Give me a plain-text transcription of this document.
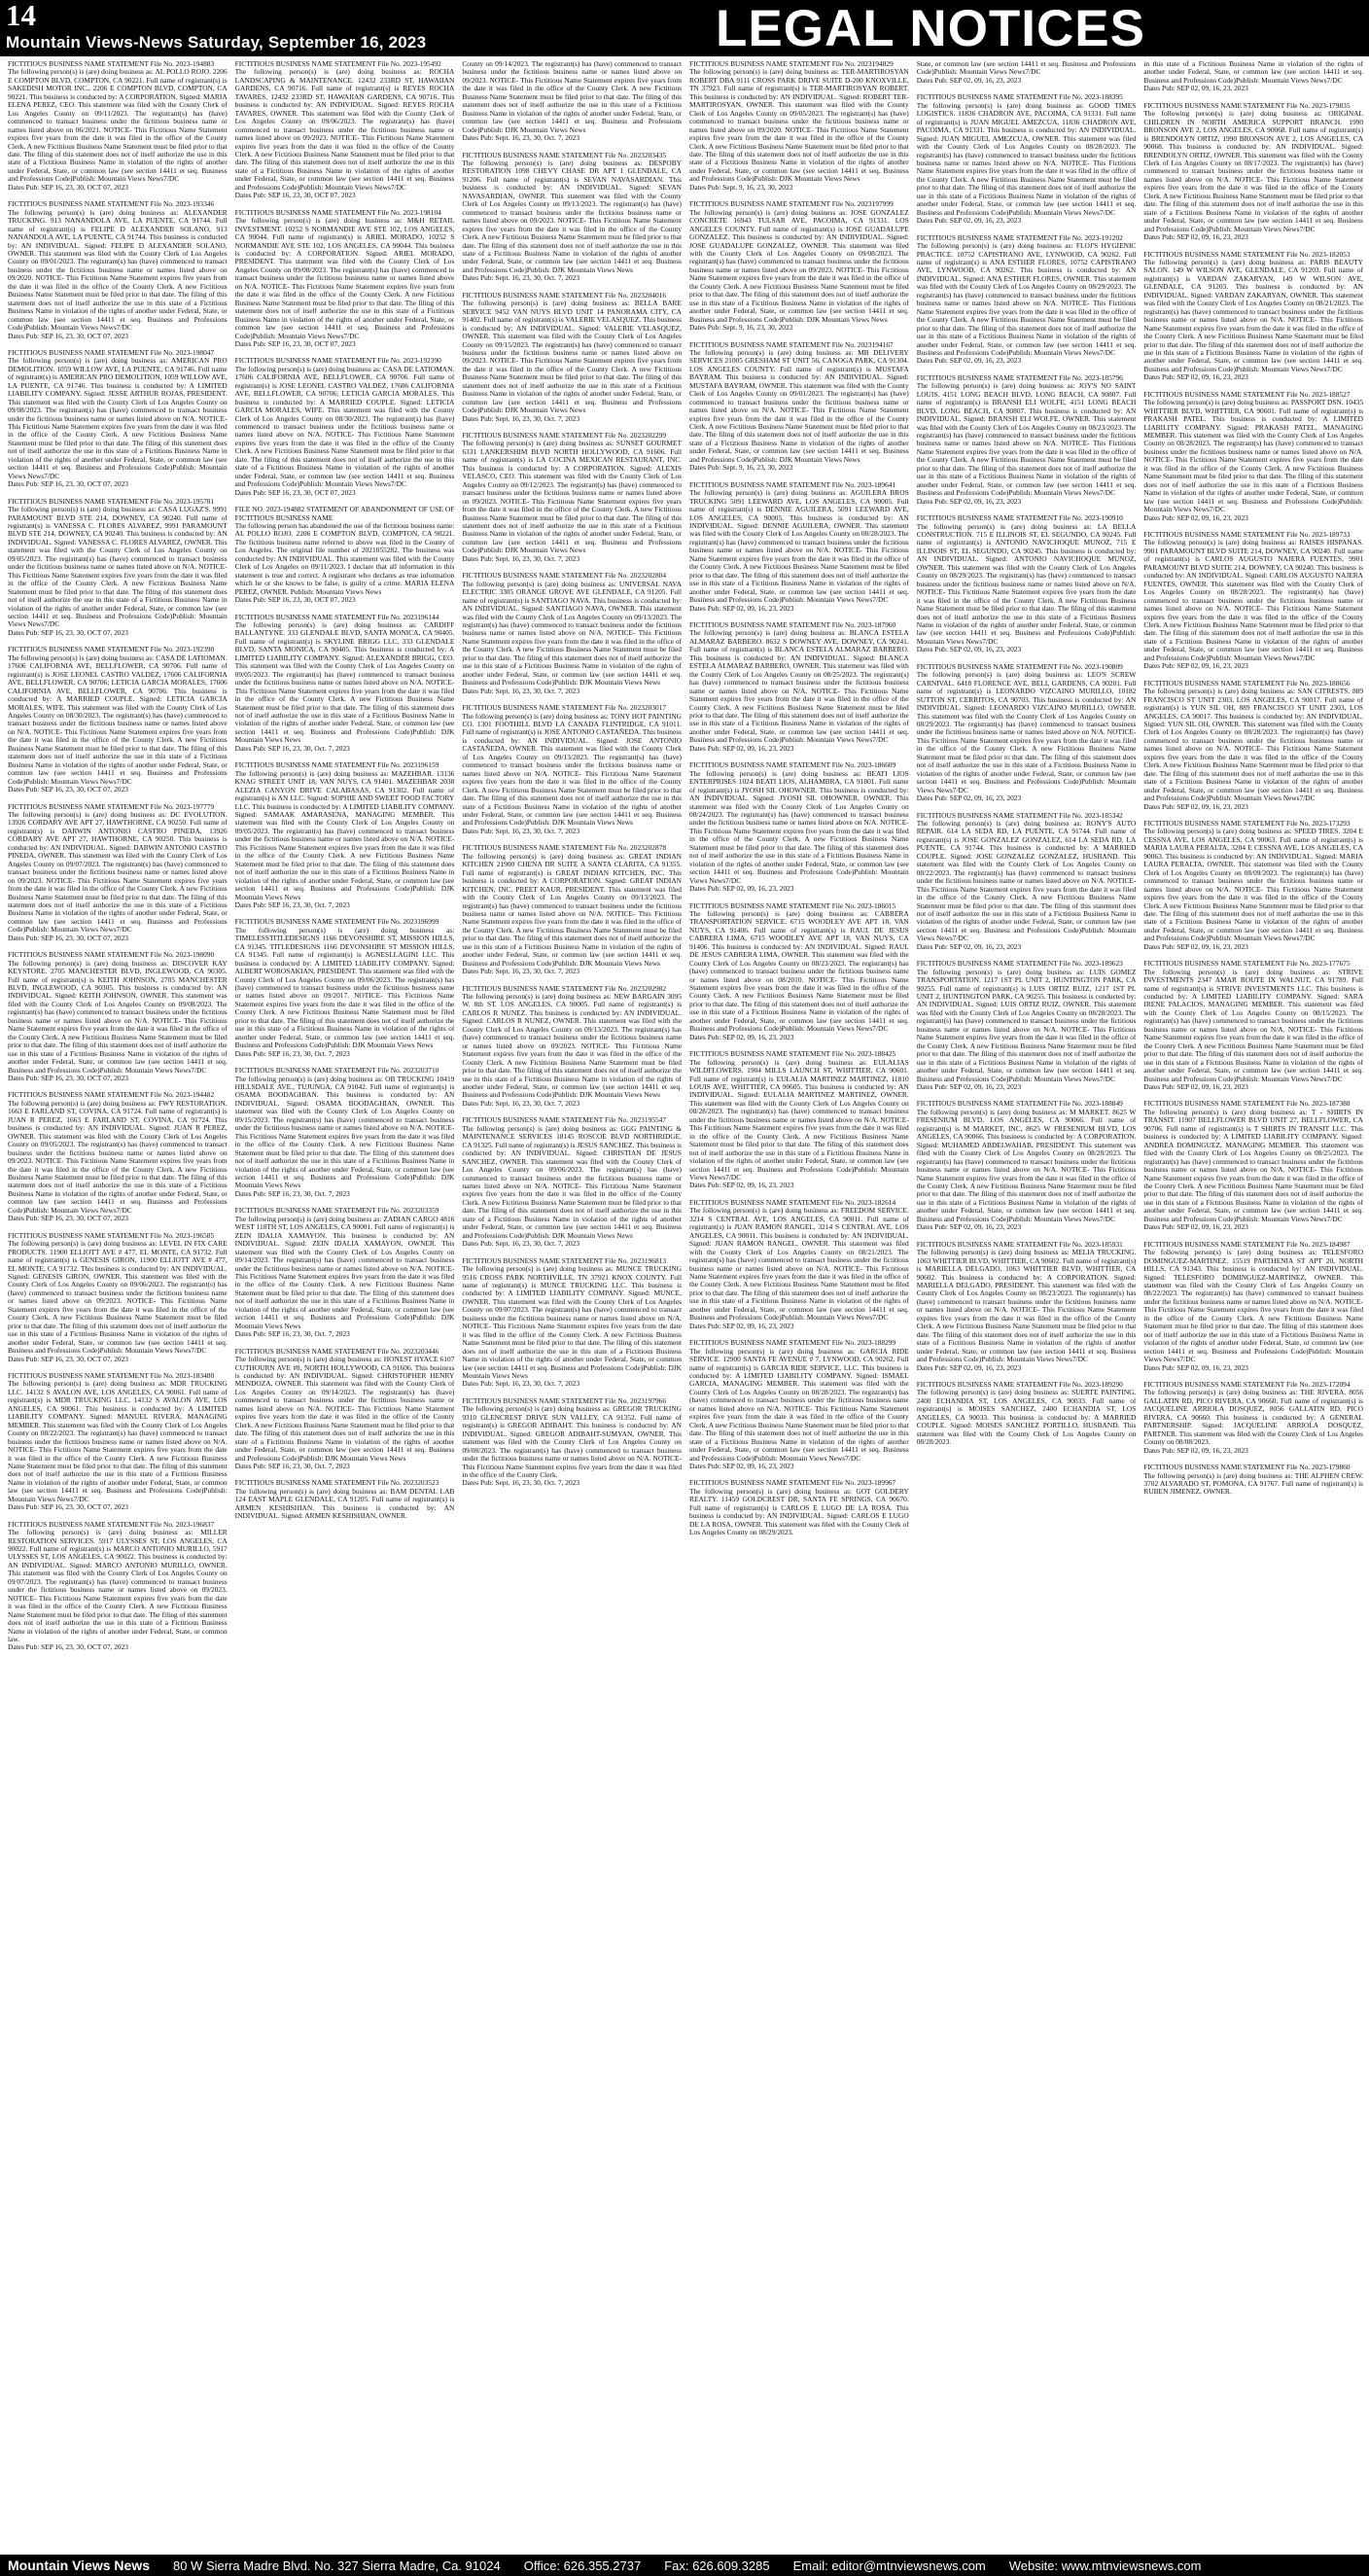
14
Mountain Views-News Saturday, September 16, 2023	LEGAL NOTICES
FICTITIOUS BUSINESS NAME STATEMENT File No. 2023-194883
The following person(s) is (are) doing business as: AL POLLO ROJO. 2206 E COMPTON BLVD, COMPTON, CA 90221. Full name of registrant(s) is SAKEDISH MOTOR INC., 2206 E COMPTON BLVD, COMPTON, CA 90221. This business is conducted by: A CORPORATION. Signed: MARIA ELENA PEREZ, CEO. This statement was filed with the County Clerk of Los Angeles County on 09/11/2023. The registrant(s) has (have) commenced to transact business under the fictitious business name or names listed above on 06/2021. NOTICE- This Fictitious Name Statement expires five years from the date it was filed in the office of the County Clerk. A new Fictitious Business Name Statement must be filed prior to that date. The filing of this statement does not of itself authorize the use in this state of a Fictitious Business Name in violation of the rights of another under Federal, State, or common law (see section 14411 et seq. Business and Professions Code)Publish: Mountain Views News7/DC
Dates Pub: SEP 16, 23, 30, OCT 07, 2023
FICTITIOUS BUSINESS NAME STATEMENT File No. 2023-193346
The following person(s) is (are) doing business as: ALEXANDER TRUCKING. 913 NANANDOLA AVE, LA PUENTE, CA 91744. Full name of registrant(s) is FELIPE D ALEXANDER SOLANO, 913 NANANDOLA AVE, LA PUENTE, CA 91744. This business is conducted by: AN INDIVIDUAL. Signed: FELIPE D ALEXANDER SOLANO, OWNER. This statement was filed with the County Clerk of Los Angeles County on 09/01/2023. The registrant(s) has (have) commenced to transact business under the fictitious business name or names listed above on 09/2020. NOTICE- This Fictitious Name Statement expires five years from the date it was filed in the office of the County Clerk. A new Fictitious Business Name Statement must be filed prior to that date. The filing of this statement does not of itself authorize the use in this state of a Fictitious Business Name in violation of the rights of another under Federal, State, or common law (see section 14411 et seq. Business and Professions Code)Publish: Mountain Views News7/DC
Dates Pub: SEP 16, 23, 30, OCT 07, 2023
FICTITIOUS BUSINESS NAME STATEMENT File No. 2023-198047
The following person(s) is (are) doing business as: AMERICAN PRO DEMOLITION. 1059 WILLOW AVE, LA PUENTE, CA 91746. Full name of registrant(s) is AMERICAN PRO DEMOLITION, 1059 WILLOW AVE, LA PUENTE, CA 91746. This business is conducted by: A LIMITED LIABILITY COMPANY. Signed: JESSE ARTHUR ROJAS, PRESIDENT. This statement was filed with the County Clerk of Los Angeles County on 09/08/2023. The registrant(s) has (have) commenced to transact business under the fictitious business name or names listed above on N/A. NOTICE- This Fictitious Name Statement expires five years from the date it was filed in the office of the County Clerk. A new Fictitious Business Name Statement must be filed prior to that date. The filing of this statement does not of itself authorize the use in this state of a Fictitious Business Name in violation of the rights of another under Federal, State, or common law (see section 14411 et seq. Business and Professions Code)Publish: Mountain Views News7/DC
Dates Pub: SEP 16, 23, 30, OCT 07, 2023
FICTITIOUS BUSINESS NAME STATEMENT File No. 2023-195781
The following person(s) is (are) doing business as: CASA LUGAZ'S. 9991 PARAMOUNT BLVD STE 214, DOWNEY, CA 90240. Full name of registrant(s) is VANESSA C. FLORES ALVAREZ, 9991 PARAMOUNT BLVD STE 214, DOWNEY, CA 90240. This business is conducted by: AN INDIVIDUAL. Signed: VANESSA C. FLORES ALVAREZ, OWNER. This statement was filed with the County Clerk of Los Angeles County on 09/05/2023. The registrant(s) has (have) commenced to transact business under the fictitious business name or names listed above on N/A. NOTICE- This Fictitious Name Statement expires five years from the date it was filed in the office of the County Clerk. A new Fictitious Business Name Statement must be filed prior to that date. The filing of this statement does not of itself authorize the use in this state of a Fictitious Business Name in violation of the rights of another under Federal, State, or common law (see section 14411 et seq. Business and Professions Code)Publish: Mountain Views News7/DC
Dates Pub: SEP 16, 23, 30, OCT 07, 2023
FICTITIOUS BUSINESS NAME STATEMENT File No. 2023-192390
The following person(s) is (are) doing business as: CASA DE LATIOMAN. 17606 CALIFORNIA AVE, BELLFLOWER, CA 90706. Full name of registrant(s) is JOSE LEONEL CASTRO VALDEZ, 17606 CALIFORNIA AVE, BELLFLOWER, CA 90706; LETICIA GARCIA MORALES, 17606 CALIFORNIA AVE, BELLFLOWER, CA 90706. This business is conducted by: A MARRIED COUPLE. Signed: LETICIA GARCIA MORALES, WIFE. This statement was filed with the County Clerk of Los Angeles County on 08/30/2023. The registrant(s) has (have) commenced to transact business under the fictitious business name or names listed above on N/A. NOTICE- This Fictitious Name Statement expires five years from the date it was filed in the office of the County Clerk. A new Fictitious Business Name Statement must be filed prior to that date. The filing of this statement does not of itself authorize the use in this state of a Fictitious Business Name in violation of the rights of another under Federal, State, or common law (see section 14411 et seq. Business and Professions Code)Publish: Mountain Views News7/DC
Dates Pub: SEP 16, 23, 30, OCT 07, 2023
FICTITIOUS BUSINESS NAME STATEMENT File No. 2023-197779
The following person(s) is (are) doing business as: DC EVOLUTION. 13926 CORDARY AVE APT 27, HAWTHORNE, CA 90250. Full name of registrant(s) is DARWIN ANTONIO CASTRO PINEDA, 13926 CORDARY AVE APT 27, HAWTHORNE, CA 90250. This business is conducted by: AN INDIVIDUAL. Signed: DARWIN ANTONIO CASTRO PINEDA, OWNER. This statement was filed with the County Clerk of Los Angeles County on 09/07/2023. The registrant(s) has (have) commenced to transact business under the fictitious business name or names listed above on 09/2023. NOTICE- This Fictitious Name Statement expires five years from the date it was filed in the office of the County Clerk. A new Fictitious Business Name Statement must be filed prior to that date. The filing of this statement does not of itself authorize the use in this state of a Fictitious Business Name in violation of the rights of another under Federal, State, or common law (see section 14411 et seq. Business and Professions Code)Publish: Mountain Views News7/DC
Dates Pub: SEP 16, 23, 30, OCT 07, 2023
FICTITIOUS BUSINESS NAME STATEMENT File No. 2023-198090
The following person(s) is (are) doing business as: DISCOVER KAY KEYSTORE. 2705 MANCHESTER BLVD, INGLEWOOD, CA 90305. Full name of registrant(s) is KEITH JOHNSON, 2705 MANCHESTER BLVD, INGLEWOOD, CA 90305. This business is conducted by: AN INDIVIDUAL. Signed: KEITH JOHNSON, OWNER. This statement was filed with the County Clerk of Los Angeles County on 09/08/2023. The registrant(s) has (have) commenced to transact business under the fictitious business name or names listed above on N/A. NOTICE- This Fictitious Name Statement expires five years from the date it was filed in the office of the County Clerk. A new Fictitious Business Name Statement must be filed prior to that date. The filing of this statement does not of itself authorize the use in this state of a Fictitious Business Name in violation of the rights of another under Federal, State, or common law (see section 14411 et seq. Business and Professions Code)Publish: Mountain Views News7/DC
Dates Pub: SEP 16, 23, 30, OCT 07, 2023
FICTITIOUS BUSINESS NAME STATEMENT File No. 2023-194482
The following person(s) is (are) doing business as: FWY RESTORATION. 1663 E FARLAND ST, COVINA, CA 91724. Full name of registrant(s) is JUAN R PEREZ, 1663 E FARLAND ST, COVINA, CA 91724. This business is conducted by: AN INDIVIDUAL. Signed: JUAN R PEREZ, OWNER. This statement was filed with the County Clerk of Los Angeles County on 09/05/2023. The registrant(s) has (have) commenced to transact business under the fictitious business name or names listed above on 09/2023. NOTICE- This Fictitious Name Statement expires five years from the date it was filed in the office of the County Clerk. A new Fictitious Business Name Statement must be filed prior to that date. The filing of this statement does not of itself authorize the use in this state of a Fictitious Business Name in violation of the rights of another under Federal, State, or common law (see section 14411 et seq. Business and Professions Code)Publish: Mountain Views News7/DC
Dates Pub: SEP 16, 23, 30, OCT 07, 2023
FICTITIOUS BUSINESS NAME STATEMENT File No. 2023-196585
The following person(s) is (are) doing business as: LEVEL IN FIX CARE PRODUCTS. 11900 ELLIOTT AVE # 477, EL MONTE, CA 91732. Full name of registrant(s) is GENESIS GIRON, 11900 ELLIOTT AVE # 477, EL MONTE, CA 91732. This business is conducted by: AN INDIVIDUAL. Signed: GENESIS GIRON, OWNER. This statement was filed with the County Clerk of Los Angeles County on 09/06/2023. The registrant(s) has (have) commenced to transact business under the fictitious business name or names listed above on 09/2023. NOTICE- This Fictitious Name Statement expires five years from the date it was filed in the office of the County Clerk. A new Fictitious Business Name Statement must be filed prior to that date. The filing of this statement does not of itself authorize the use in this state of a Fictitious Business Name in violation of the rights of another under Federal, State, or common law (see section 14411 et seq. Business and Professions Code)Publish: Mountain Views News7/DC
Dates Pub: SEP 16, 23, 30, OCT 07, 2023
FICTITIOUS BUSINESS NAME STATEMENT File No. 2023-183480
The following person(s) is (are) doing business as: MDR TRUCKING LLC. 14132 S AVALON AVE, LOS ANGELES, CA 90061. Full name of registrant(s) is MDR TRUCKING LLC, 14132 S AVALON AVE, LOS ANGELES, CA 90061. This business is conducted by: A LIMITED LIABILITY COMPANY. Signed: MANUEL RIVERA, MANAGING MEMBER. This statement was filed with the County Clerk of Los Angeles County on 08/22/2023. The registrant(s) has (have) commenced to transact business under the fictitious business name or names listed above on N/A. NOTICE- This Fictitious Name Statement expires five years from the date it was filed in the office of the County Clerk. A new Fictitious Business Name Statement must be filed prior to that date. The filing of this statement does not of itself authorize the use in this state of a Fictitious Business Name in violation of the rights of another under Federal, State, or common law (see section 14411 et seq. Business and Professions Code)Publish: Mountain Views News7/DC
Dates Pub: SEP 16, 23, 30, OCT 07, 2023
FICTITIOUS BUSINESS NAME STATEMENT File No. 2023-196837
The following person(s) is (are) doing business as: MILLER RESTORATION SERVICES. 5917 ULYSSES ST, LOS ANGELES, CA 90022. Full name of registrant(s) is MARCO ANTONIO MURILLO, 5917 ULYSSES ST, LOS ANGELES, CA 90022. This business is conducted by: AN INDIVIDUAL. Signed: MARCO ANTONIO MURILLO, OWNER. This statement was filed with the County Clerk of Los Angeles County on 09/07/2023. The registrant(s) has (have) commenced to transact business under the fictitious business name or names listed above on 09/2023. NOTICE- This Fictitious Name Statement expires five years from the date it was filed in the office of the County Clerk. A new Fictitious Business Name Statement must be filed prior to that date. The filing of this statement does not of itself authorize the use in this state of a Fictitious Business Name in violation of the rights of another under Federal, State, or common law.
Dates Pub: SEP 16, 23, 30, OCT 07, 2023
FICTITIOUS BUSINESS NAME STATEMENT File No. 2023-195492
The following person(s) is (are) doing business as: ROCHA LANDSCAPING & MAINTENANCE. 12432 233RD ST, HAWAIIAN GARDENS, CA 90716. Full name of registrant(s) is REYES ROCHA TAVARES, 12432 233RD ST, HAWAIIAN GARDENS, CA 90716. This business is conducted by: AN INDIVIDUAL. Signed: REYES ROCHA TAVARES, OWNER. This statement was filed with the County Clerk of Los Angeles County on 09/06/2023. The registrant(s) has (have) commenced to transact business under the fictitious business name or names listed above on 09/2023. NOTICE- This Fictitious Name Statement expires five years from the date it was filed in the office of the County Clerk. A new Fictitious Business Name Statement must be filed prior to that date. The filing of this statement does not of itself authorize the use in this state of a Fictitious Business Name in violation of the rights of another under Federal, State, or common law (see section 14411 et seq. Business and Professions Code)Publish: Mountain Views News7/DC
Dates Pub: SEP 16, 23, 30, OCT 07, 2023
FICTITIOUS BUSINESS NAME STATEMENT File No. 2023-198104
The following person(s) is (are) doing business as: M&H RETAIL INVESTMENT. 10252 S NORMANDIE AVE STE 102, LOS ANGELES, CA 90044. Full name of registrant(s) is ARIEL MORADO, 10252 S NORMANDIE AVE STE 102, LOS ANGELES, CA 90044. This business is conducted by: A CORPORATION. Signed: ARIEL MORADO, PRESIDENT. This statement was filed with the County Clerk of Los Angeles County on 09/08/2023. The registrant(s) has (have) commenced to transact business under the fictitious business name or names listed above on N/A. NOTICE- This Fictitious Name Statement expires five years from the date it was filed in the office of the County Clerk. A new Fictitious Business Name Statement must be filed prior to that date. The filing of this statement does not of itself authorize the use in this state of a Fictitious Business Name in violation of the rights of another under Federal, State, or common law (see section 14411 et seq. Business and Professions Code)Publish: Mountain Views News7/DC
Dates Pub: SEP 16, 23, 30, OCT 07, 2023
FICTITIOUS BUSINESS NAME STATEMENT File No. 2023-192390
The following person(s) is (are) doing business as: CASA DE LATIOMAN. 17606 CALIFORNIA AVE, BELLFLOWER, CA 90706. Full name of registrant(s) is JOSE LEONEL CASTRO VALDEZ, 17606 CALIFORNIA AVE, BELLFLOWER, CA 90706; LETICIA GARCIA MORALES. This business is conducted by: A MARRIED COUPLE. Signed: LETICIA GARCIA MORALES, WIFE. This statement was filed with the County Clerk of Los Angeles County on 08/30/2023. The registrant(s) has (have) commenced to transact business under the fictitious business name or names listed above on N/A. NOTICE- This Fictitious Name Statement expires five years from the date it was filed in the office of the County Clerk. A new Fictitious Business Name Statement must be filed prior to that date. The filing of this statement does not of itself authorize the use in this state of a Fictitious Business Name in violation of the rights of another under Federal, State, or common law (see section 14411 et seq. Business and Professions Code)Publish: Mountain Views News7/DC
Dates Pub: SEP 16, 23, 30, OCT 07, 2023
FILE NO. 2023-194882 STATEMENT OF ABANDONMENT OF USE OF FICTITIOUS BUSINESS NAME
The following person has abandoned the use of the fictitious business name: AL POLLO ROJO. 2206 E COMPTON BLVD, COMPTON, CA 90221. The fictitious business name referred to above was filed in the County of Los Angeles. The original file number of 2021055282. The business was conducted by: AN INDIVIDUAL. This statement was filed with the County Clerk of Los Angeles on 09/11/2023. I declare that all information in this statement is true and correct. A registrant who declares as true information which he or she knows to be false, is guilty of a crime. MARIA ELENA PEREZ, OWNER. Publish: Mountain Views News
Dates Pub: SEP 16, 23, 30, OCT 07, 2023
FICTITIOUS BUSINESS NAME STATEMENT File No. 2023196144
The following person(s) is (are) doing business as: CARDIFF BALLANTYNE. 333 GLENDALE BLVD, SANTA MONICA, CA 90405. Full name of registrant(s) is SKYLINE BRIGG LLC, 333 GLENDALE BLVD, SANTA MONICA, CA 90405. This business is conducted by: A LIMITED LIABILITY COMPANY. Signed: ALEXANDER BRIGG, CEO. This statement was filed with the County Clerk of Los Angeles County on 09/05/2023. The registrant(s) has (have) commenced to transact business under the fictitious business name or names listed above on N/A. NOTICE- This Fictitious Name Statement expires five years from the date it was filed in the office of the County Clerk. A new Fictitious Business Name Statement must be filed prior to that date. The filing of this statement does not of itself authorize the use in this state of a Fictitious Business Name in violation of the rights of another under Federal, State, or common law (see section 14411 et seq. Business and Professions Code)Publish: DJK Mountain Views News
Dates Pub: SEP 16, 23, 30, Oct. 7, 2023
FICTITIOUS BUSINESS NAME STATEMENT File No. 2023196159
The following person(s) is (are) doing business as: MAZEHBAR. 13136 KNAG STREET UNIT 18, VAN NUYS, CA 91401. MAZEHBAR 2038 ALEZIA CANYON DRIVE CALABASAS, CA 91302. Full name of registrant(s) is AN LLC. Signed: SOPHIE AND SWEET FOOD FACTORY LLC. This business is conducted by: A LIMITED LIABILITY COMPANY. Signed: SAMAAK AMARASENA, MANAGING MEMBER. This statement was filed with the County Clerk of Los Angeles County on 09/05/2023. The registrant(s) has (have) commenced to transact business under the fictitious business name or names listed above on N/A. NOTICE- This Fictitious Name Statement expires five years from the date it was filed in the office of the County Clerk. A new Fictitious Business Name Statement must be filed prior to that date. The filing of this statement does not of itself authorize the use in this state of a Fictitious Business Name in violation of the rights of another under Federal, State, or common law (see section 14411 et seq. Business and Professions Code)Publish: DJK Mountain Views News
Dates Pub: SEP 16, 23, 30, Oct. 7, 2023
FICTITIOUS BUSINESS NAME STATEMENT File No. 2023196999
The following person(s) is (are) doing business as: TIMELESSTITLEDESIGNS 1166 DEVONSHIRE ST, MISSION HILLS, CA 91345. TITLEDESIGNS 1166 DEVONSHIRE ST MISSION HILLS, CA 91345. Full name of registrant(s) is AGNESLLAGINI LLC. This business is conducted by: A LIMITED LIABILITY COMPANY. Signed: ALBERT WOROSAKIAN, PRESIDENT. This statement was filed with the County Clerk of Los Angeles County on 09/06/2023. The registrant(s) has (have) commenced to transact business under the fictitious business name or names listed above on 09/2017. NOTICE- This Fictitious Name Statement expires five years from the date it was filed in the office of the County Clerk. A new Fictitious Business Name Statement must be filed prior to that date. The filing of this statement does not of itself authorize the use in this state of a Fictitious Business Name in violation of the rights of another under Federal, State, or common law (see section 14411 et seq. Business and Professions Code)Publish: DJK Mountain Views News
Dates Pub: SEP 16, 23, 30, Oct. 7, 2023
FICTITIOUS BUSINESS NAME STATEMENT File No. 2023203710
The following person(s) is (are) doing business as: OB TRUCKING 10419 HILLSDALE AVE., TUJUNGA, CA 91042. Full name of registrant(s) is OSAMA BOODAGHIAN. This business is conducted by: AN INDIVIDUAL. Signed: OSAMA BOODAGHIAN, OWNER. This statement was filed with the County Clerk of Los Angeles County on 09/15/2023. The registrant(s) has (have) commenced to transact business under the fictitious business name or names listed above on N/A. NOTICE- This Fictitious Name Statement expires five years from the date it was filed in the office of the County Clerk. A new Fictitious Business Name Statement must be filed prior to that date. The filing of this statement does not of itself authorize the use in this state of a Fictitious Business Name in violation of the rights of another under Federal, State, or common law (see section 14411 et seq. Business and Professions Code)Publish: DJK Mountain Views News
Dates Pub: SEP 16, 23, 30, Oct. 7, 2023
FICTITIOUS BUSINESS NAME STATEMENT File No. 2023203359
The following person(s) is (are) doing business as: ZADIAN CARGO 4816 WEST 118TH ST, LOS ANGELES, CA 90001. Full name of registrant(s) is ZEIN IDALIA XAMAYON. This business is conducted by: AN INDIVIDUAL. Signed: ZEIN IDALIA XAMAYON, OWNER. This statement was filed with the County Clerk of Los Angeles County on 09/14/2023. The registrant(s) has (have) commenced to transact business under the fictitious business name or names listed above on N/A. NOTICE- This Fictitious Name Statement expires five years from the date it was filed in the office of the County Clerk. A new Fictitious Business Name Statement must be filed prior to that date. The filing of this statement does not of itself authorize the use in this state of a Fictitious Business Name in violation of the rights of another under Federal, State, or common law (see section 14411 et seq. Business and Professions Code)Publish: DJK Mountain Views News
Dates Pub: SEP 16, 23, 30, Oct. 7, 2023
FICTITIOUS BUSINESS NAME STATEMENT File No. 2023203446
The following person(s) is (are) doing business as: HONEST HYACE 6107 CUTHOURN AVE #8, NORTH HOLLYWOOD, CA 91606. This business is conducted by: AN INDIVIDUAL. Signed: CHRISTOPHER HENRY MENDOZA, OWNER. This statement was filed with the County Clerk of Los Angeles County on 09/14/2023. The registrant(s) has (have) commenced to transact business under the fictitious business name or names listed above on N/A. NOTICE- This Fictitious Name Statement expires five years from the date it was filed in the office of the County Clerk. A new Fictitious Business Name Statement must be filed prior to that date. The filing of this statement does not of itself authorize the use in this state of a Fictitious Business Name in violation of the rights of another under Federal, State, or common law (see section 14411 et seq. Business and Professions Code)Publish: DJK Mountain Views News
Dates Pub: SEP 16, 23, 30, Oct. 7, 2023
FICTITIOUS BUSINESS NAME STATEMENT File No. 2023203523
The following person(s) is (are) doing business as: BAM DENTAL LAB 124 EAST MAPLE GLENDALE, CA 91205. Full name of registrant(s) is ARMEN KESHISHIAN. This business is conducted by: AN INDIVIDUAL. Signed: ARMEN KESHISHIAN, OWNER.
County on 09/14/2023. The registrant(s) has (have) commenced to transact business under the fictitious business name or names listed above on 09/2023. NOTICE- This Fictitious Name Statement expires five years from the date it was filed in the office of the County Clerk. A new Fictitious Business Name Statement must be filed prior to that date. The filing of this statement does not of itself authorize the use in this state of a Fictitious Business Name in violation of the rights of another under Federal, State, or common law (see section 14411 et seq. Business and Professions Code)Publish: DJK Mountain Views News
Dates Pub: Sept. 16, 23, 30, Oct. 7, 2023
FICTITIOUS BUSINESS NAME STATEMENT File No. 2023203435
The following person(s) is (are) doing business as: DESPOBY RESTORATION 1098 CHEVY CHASE DR APT 1 GLENDALE, CA 91206. Full name of registrant(s) is SEVAN NAVASARDIAN. This business is conducted by: AN INDIVIDUAL. Signed: SEVAN NAVASARDIAN, OWNER. This statement was filed with the County Clerk of Los Angeles County on 09/13/2023. The registrant(s) has (have) commenced to transact business under the fictitious business name or names listed above on 09/2023. NOTICE- This Fictitious Name Statement expires five years from the date it was filed in the office of the County Clerk. A new Fictitious Business Name Statement must be filed prior to that date. The filing of this statement does not of itself authorize the use in this state of a Fictitious Business Name in violation of the rights of another under Federal, State, or common law (see section 14411 et seq. Business and Professions Code)Publish: DJK Mountain Views News
Dates Pub: Sept. 16, 23, 30, Oct. 7, 2023
FICTITIOUS BUSINESS NAME STATEMENT File No. 2023204016
The following person(s) is (are) doing business as: BELLA BARE SERVICE 9452 VAN NUYS BLVD UNIT 14 PANORAMA CITY, CA 91402. Full name of registrant(s) is VALERIE VELASQUEZ. This business is conducted by: AN INDIVIDUAL. Signed: VALERIE VELASQUEZ, OWNER. This statement was filed with the County Clerk of Los Angeles County on 09/15/2023. The registrant(s) has (have) commenced to transact business under the fictitious business name or names listed above on 09/2023. NOTICE- This Fictitious Name Statement expires five years from the date it was filed in the office of the County Clerk. A new Fictitious Business Name Statement must be filed prior to that date. The filing of this statement does not of itself authorize the use in this state of a Fictitious Business Name in violation of the rights of another under Federal, State, or common law (see section 14411 et seq. Business and Professions Code)Publish: DJK Mountain Views News
Dates Pub: Sept. 16, 23, 30, Oct. 7, 2023
FICTITIOUS BUSINESS NAME STATEMENT File No. 2023202299
The following person(s) is (are) doing business as: SUNSET GOURMET 6331 LANKERSHIM BLVD NORTH HOLLYWOOD, CA 91606. Full name of registrant(s) is LA COCINA MEXICAN RESTAURANT, INC. This business is conducted by: A CORPORATION. Signed: ALEXIS VELASCO, CEO. This statement was filed with the County Clerk of Los Angeles County on 09/12/2023. The registrant(s) has (have) commenced to transact business under the fictitious business name or names listed above on 09/2023. NOTICE- This Fictitious Name Statement expires five years from the date it was filed in the office of the County Clerk. A new Fictitious Business Name Statement must be filed prior to that date. The filing of this statement does not of itself authorize the use in this state of a Fictitious Business Name in violation of the rights of another under Federal, State, or common law (see section 14411 et seq. Business and Professions Code)Publish: DJK Mountain Views News
Dates Pub: Sept. 16, 23, 30, Oct. 7, 2023
FICTITIOUS BUSINESS NAME STATEMENT File No. 2023202804
The following person(s) is (are) doing business as: UNIVERSAL NAVA ELECTRIC 3305 ORANGE GROVE AVE GLENDALE, CA 91205. Full name of registrant(s) is SANTIAGO NAVA. This business is conducted by: AN INDIVIDUAL. Signed: SANTIAGO NAVA, OWNER. This statement was filed with the County Clerk of Los Angeles County on 09/13/2023. The registrant(s) has (have) commenced to transact business under the fictitious business name or names listed above on N/A. NOTICE- This Fictitious Name Statement expires five years from the date it was filed in the office of the County Clerk. A new Fictitious Business Name Statement must be filed prior to that date. The filing of this statement does not of itself authorize the use in this state of a Fictitious Business Name in violation of the rights of another under Federal, State, or common law (see section 14411 et seq. Business and Professions Code)Publish: DJK Mountain Views News
Dates Pub: Sept. 16, 23, 30, Oct. 7, 2023
FICTITIOUS BUSINESS NAME STATEMENT File No. 2023203017
The following person(s) is (are) doing business as: TONY HOT PAINTING CO. 1301 FOOTHILL BLVD LA CANADA FLINTRIDGE, CA 91011. Full name of registrant(s) is JOSE ANTONIO CASTAÑEDA. This business is conducted by: AN INDIVIDUAL. Signed: JOSE ANTONIO CASTAÑEDA, OWNER. This statement was filed with the County Clerk of Los Angeles County on 09/13/2023. The registrant(s) has (have) commenced to transact business under the fictitious business name or names listed above on N/A. NOTICE- This Fictitious Name Statement expires five years from the date it was filed in the office of the County Clerk. A new Fictitious Business Name Statement must be filed prior to that date. The filing of this statement does not of itself authorize the use in this state of a Fictitious Business Name in violation of the rights of another under Federal, State, or common law (see section 14411 et seq. Business and Professions Code)Publish: DJK Mountain Views News
Dates Pub: Sept. 16, 23, 30, Oct. 7, 2023
FICTITIOUS BUSINESS NAME STATEMENT File No. 2023202878
The following person(s) is (are) doing business as: GREAT INDIAN KITCHEN 21900 CHENA DR SUITE A SANTA CLARITA, CA 91355. Full name of registrant(s) is GREAT INDIAN KITCHEN, INC. This business is conducted by: A CORPORATION. Signed: GREAT INDIAN KITCHEN, INC. PREET KAUR, PRESIDENT. This statement was filed with the County Clerk of Los Angeles County on 09/13/2023. The registrant(s) has (have) commenced to transact business under the fictitious business name or names listed above on N/A. NOTICE- This Fictitious Name Statement expires five years from the date it was filed in the office of the County Clerk. A new Fictitious Business Name Statement must be filed prior to that date. The filing of this statement does not of itself authorize the use in this state of a Fictitious Business Name in violation of the rights of another under Federal, State, or common law (see section 14411 et seq. Business and Professions Code)Publish: DJK Mountain Views News
Dates Pub: Sept. 16, 23, 30, Oct. 7, 2023
FICTITIOUS BUSINESS NAME STATEMENT File No. 2023202982
The following person(s) is (are) doing business as: NEW BARGAIN 3095 W. 8th ST. LOS ANGELES, CA 90005. Full name of registrant(s) is CARLOS R NUNEZ. This business is conducted by: AN INDIVIDUAL. Signed: CARLOS R NUNEZ, OWNER. This statement was filed with the County Clerk of Los Angeles County on 09/13/2023. The registrant(s) has (have) commenced to transact business under the fictitious business name or names listed above on 09/2023. NOTICE- This Fictitious Name Statement expires five years from the date it was filed in the office of the County Clerk. A new Fictitious Business Name Statement must be filed prior to that date. The filing of this statement does not of itself authorize the use in this state of a Fictitious Business Name in violation of the rights of another under Federal, State, or common law (see section 14411 et seq. Business and Professions Code)Publish: DJK Mountain Views News
Dates Pub: Sept. 16, 23, 30, Oct. 7, 2023
FICTITIOUS BUSINESS NAME STATEMENT File No. 2023195547
The following person(s) is (are) doing business as: GGG PAINTING & MAINTENANCE SERVICES 18145 ROSCOE BLVD NORTHRIDGE, CA 91325. Full name of registrant(s) is JESUS SANCHEZ. This business is conducted by: AN INDIVIDUAL. Signed: CHRISTIAN DE JESUS SANCHEZ, OWNER. This statement was filed with the County Clerk of Los Angeles County on 09/06/2023. The registrant(s) has (have) commenced to transact business under the fictitious business name or names listed above on N/A. NOTICE- This Fictitious Name Statement expires five years from the date it was filed in the office of the County Clerk. A new Fictitious Business Name Statement must be filed prior to that date. The filing of this statement does not of itself authorize the use in this state of a Fictitious Business Name in violation of the rights of another under Federal, State, or common law (see section 14411 et seq. Business and Professions Code)Publish: DJK Mountain Views News
Dates Pub: Sept. 16, 23, 30, Oct. 7, 2023
FICTITIOUS BUSINESS NAME STATEMENT File No. 2023196813
The following person(s) is (are) doing business as: MUNCE TRUCKING 9516 CROSS PARK NORTHVILLE, TN 37921 KNOX COUNTY. Full name of registrant(s) is MUNCE TRUCKING LLC. This business is conducted by: A LIMITED LIABILITY COMPANY. Signed: MUNCE, OWNER. This statement was filed with the County Clerk of Los Angeles County on 09/07/2023. The registrant(s) has (have) commenced to transact business under the fictitious business name or names listed above on N/A. NOTICE- This Fictitious Name Statement expires five years from the date it was filed in the office of the County Clerk. A new Fictitious Business Name Statement must be filed prior to that date. The filing of this statement does not of itself authorize the use in this state of a Fictitious Business Name in violation of the rights of another under Federal, State, or common law (see section 14411 et seq. Business and Professions Code)Publish: DJK Mountain Views News
Dates Pub: Sept. 16, 23, 30, Oct. 7, 2023
FICTITIOUS BUSINESS NAME STATEMENT File No. 2023197966
The following person(s) is (are) doing business as: GREGOR TRUCKING 9310 GLENCREST DRIVE SUN VALLEY, CA 91352. Full name of registrant(s) is GREGOR ADIBAHT. This business is conducted by: AN INDIVIDUAL. Signed: GREGOR ADIBAHT-SUMYAN, OWNER. This statement was filed with the County Clerk of Los Angeles County on 09/08/2023. The registrant(s) has (have) commenced to transact business under the fictitious business name or names listed above on N/A. NOTICE- This Fictitious Name Statement expires five years from the date it was filed in the office of the County Clerk.
Dates Pub: Sept. 16, 23, 30, Oct. 7, 2023
FICTITIOUS BUSINESS NAME STATEMENT File No. 2023194829
The following person(s) is (are) doing business as: TER-MARTIROSYAN ROBERT DBA 9111 CROSS PARK DRIVE SUITE D-200 KNOXVILLE, TN 37923. Full name of registrant(s) is TER-MARTIROSYAN ROBERT. This business is conducted by: AN INDIVIDUAL. Signed: ROBERT TER-MARTIROSYAN, OWNER. This statement was filed with the County Clerk of Los Angeles County on 09/05/2023. The registrant(s) has (have) commenced to transact business under the fictitious business name or names listed above on 09/2020. NOTICE- This Fictitious Name Statement expires five years from the date it was filed in the office of the County Clerk. A new Fictitious Business Name Statement must be filed prior to that date. The filing of this statement does not of itself authorize the use in this state of a Fictitious Business Name in violation of the rights of another under Federal, State, or common law (see section 14411 et seq. Business and Professions Code)Publish: DJK Mountain Views News
Dates Pub: Sept. 9, 16, 23, 30, 2023
FICTITIOUS BUSINESS NAME STATEMENT File No. 2023197999
The following person(s) is (are) doing business as: JOSE GONZALEZ CONCRETE 16943 TULSAR AVE, PACOIMA, CA 91331. LOS ANGELES COUNTY. Full name of registrant(s) is JOSE GUADALUPE GONZALEZ. This business is conducted by: AN INDIVIDUAL. Signed: JOSE GUADALUPE GONZALEZ, OWNER. This statement was filed with the County Clerk of Los Angeles County on 09/08/2023. The registrant(s) has (have) commenced to transact business under the fictitious business name or names listed above on 09/2023. NOTICE- This Fictitious Name Statement expires five years from the date it was filed in the office of the County Clerk. A new Fictitious Business Name Statement must be filed prior to that date. The filing of this statement does not of itself authorize the use in this state of a Fictitious Business Name in violation of the rights of another under Federal, State, or common law (see section 14411 et seq. Business and Professions Code)Publish: DJK Mountain Views News
Dates Pub: Sept. 9, 16, 23, 30, 2023
FICTITIOUS BUSINESS NAME STATEMENT File No. 2023194167
The following person(s) is (are) doing business as: MB DELIVERY SERVICES 21005 GRESHAM ST UNIT 56, CANOGA PARK, CA 91304. LOS ANGELES COUNTY. Full name of registrant(s) is MUSTAFA BAYRAM. This business is conducted by: AN INDIVIDUAL. Signed: MUSTAFA BAYRAM, OWNER. This statement was filed with the County Clerk of Los Angeles County on 09/01/2023. The registrant(s) has (have) commenced to transact business under the fictitious business name or names listed above on N/A. NOTICE- This Fictitious Name Statement expires five years from the date it was filed in the office of the County Clerk. A new Fictitious Business Name Statement must be filed prior to that date. The filing of this statement does not of itself authorize the use in this state of a Fictitious Business Name in violation of the rights of another under Federal, State, or common law (see section 14411 et seq. Business and Professions Code)Publish: DJK Mountain Views News
Dates Pub: Sept. 9, 16, 23, 30, 2023
FICTITIOUS BUSINESS NAME STATEMENT File No. 2023-189641
The following person(s) is (are) doing business as: AGUILERA BROS TRUCKING 5091 LEEWARD AVE, LOS ANGELES, CA 90005. Full name of registrant(s) is DENNIE AGUILERA, 5091 LEEWARD AVE, LOS ANGELES, CA 90005. This business is conducted by: AN INDIVIDUAL. Signed: DENNIE AGUILERA, OWNER. This statement was filed with the County Clerk of Los Angeles County on 08/28/2023. The registrant(s) has (have) commenced to transact business under the fictitious business name or names listed above on N/A. NOTICE- This Fictitious Name Statement expires five years from the date it was filed in the office of the County Clerk. A new Fictitious Business Name Statement must be filed prior to that date. The filing of this statement does not of itself authorize the use in this state of a Fictitious Business Name in violation of the rights of another under Federal, State, or common law (see section 14411 et seq. Business and Professions Code)Publish: Mountain Views News7/DC
Dates Pub: SEP 02, 09, 16, 23, 2023
FICTITIOUS BUSINESS NAME STATEMENT File No. 2023-187960
The following person(s) is (are) doing business as: BLANCA ESTELA ALMARAZ BARBERO. 8632 S DOWNEY AVE, DOWNEY, CA 90241. Full name of registrant(s) is BLANCA ESTELA ALMARAZ BARBERO. This business is conducted by: AN INDIVIDUAL. Signed: BLANCA ESTELA ALMARAZ BARBERO, OWNER. This statement was filed with the County Clerk of Los Angeles County on 08/25/2023. The registrant(s) has (have) commenced to transact business under the fictitious business name or names listed above on N/A. NOTICE- This Fictitious Name Statement expires five years from the date it was filed in the office of the County Clerk. A new Fictitious Business Name Statement must be filed prior to that date. The filing of this statement does not of itself authorize the use in this state of a Fictitious Business Name in violation of the rights of another under Federal, State, or common law (see section 14411 et seq. Business and Professions Code)Publish: Mountain Views News7/DC
Dates Pub: SEP 02, 09, 16, 23, 2023
FICTITIOUS BUSINESS NAME STATEMENT File No. 2023-186609
The following person(s) is (are) doing business as: BEATI LIOS ENTERPRISES 1024 BEATI LIOS, ALHAMBRA, CA 91801. Full name of registrant(s) is JYOSH SIL OHOWNER. This business is conducted by: AN INDIVIDUAL. Signed: JYOSH SIL OHOWNER, OWNER. This statement was filed with the County Clerk of Los Angeles County on 08/24/2023. The registrant(s) has (have) commenced to transact business under the fictitious business name or names listed above on N/A. NOTICE- This Fictitious Name Statement expires five years from the date it was filed in the office of the County Clerk. A new Fictitious Business Name Statement must be filed prior to that date. The filing of this statement does not of itself authorize the use in this state of a Fictitious Business Name in violation of the rights of another under Federal, State, or common law (see section 14411 et seq. Business and Professions Code)Publish: Mountain Views News7/DC
Dates Pub: SEP 02, 09, 16, 23, 2023
FICTITIOUS BUSINESS NAME STATEMENT File No. 2023-186015
The following person(s) is (are) doing business as: CABRERA TRANSPORTATION SERVICE. 6715 WOODLEY AVE APT 18, VAN NUYS, CA 91406. Full name of registrant(s) is RAUL DE JESUS CABRERA LIMA, 6715 WOODLEY AVE APT 18, VAN NUYS, CA 91406. This business is conducted by: AN INDIVIDUAL. Signed: RAUL DE JESUS CABRERA LIMA, OWNER. This statement was filed with the County Clerk of Los Angeles County on 08/23/2023. The registrant(s) has (have) commenced to transact business under the fictitious business name or names listed above on 08/2010. NOTICE- This Fictitious Name Statement expires five years from the date it was filed in the office of the County Clerk. A new Fictitious Business Name Statement must be filed prior to that date. The filing of this statement does not of itself authorize the use in this state of a Fictitious Business Name in violation of the rights of another under Federal, State, or common law (see section 14411 et seq. Business and Professions Code)Publish: Mountain Views News7/DC
Dates Pub: SEP 02, 09, 16, 23, 2023
FICTITIOUS BUSINESS NAME STATEMENT File No. 2023-188425
The following person(s) is (are) doing business as: EULALIAS WILDFLOWERS. 1904 MILLS LAUNCH ST, WHITTIER, CA 90601. Full name of registrant(s) is EULALIA MARTINEZ MARTINEZ, 11810 LOUIS AVE, WHITTIER, CA 90605. This business is conducted by: AN INDIVIDUAL. Signed: EULALIA MARTINEZ MARTINEZ, OWNER. This statement was filed with the County Clerk of Los Angeles County on 08/28/2023. The registrant(s) has (have) commenced to transact business under the fictitious business name or names listed above on N/A. NOTICE- This Fictitious Name Statement expires five years from the date it was filed in the office of the County Clerk. A new Fictitious Business Name Statement must be filed prior to that date. The filing of this statement does not of itself authorize the use in this state of a Fictitious Business Name in violation of the rights of another under Federal, State, or common law (see section 14411 et seq. Business and Professions Code)Publish: Mountain Views News7/DC
Dates Pub: SEP 02, 09, 16, 23, 2023
FICTITIOUS BUSINESS NAME STATEMENT File No. 2023-182614
The following person(s) is (are) doing business as: FREEDOM SERVICE. 3214 S CENTRAL AVE, LOS ANGELES, CA 90011. Full name of registrant(s) is JUAN RAMON RANGEL, 3214 S CENTRAL AVE, LOS ANGELES, CA 90011. This business is conducted by: AN INDIVIDUAL. Signed: JUAN RAMON RANGEL, OWNER. This statement was filed with the County Clerk of Los Angeles County on 08/21/2023. The registrant(s) has (have) commenced to transact business under the fictitious business name or names listed above on N/A. NOTICE- This Fictitious Name Statement expires five years from the date it was filed in the office of the County Clerk. A new Fictitious Business Name Statement must be filed prior to that date. The filing of this statement does not of itself authorize the use in this state of a Fictitious Business Name in violation of the rights of another under Federal, State, or common law (see section 14411 et seq. Business and Professions Code)Publish: Mountain Views News7/DC
Dates Pub: SEP 02, 09, 16, 23, 2023
FICTITIOUS BUSINESS NAME STATEMENT File No. 2023-188299
The following person(s) is (are) doing business as: GARCIA RIDE SERVICE. 12900 SANTA FE AVENUE # 7, LYNWOOD, CA 90262. Full name of registrant(s) is GARCIA RIDE SERVICE, LLC. This business is conducted by: A LIMITED LIABILITY COMPANY. Signed: ISMAEL GARCIA, MANAGING MEMBER. This statement was filed with the County Clerk of Los Angeles County on 08/28/2023. The registrant(s) has (have) commenced to transact business under the fictitious business name or names listed above on N/A. NOTICE- This Fictitious Name Statement expires five years from the date it was filed in the office of the County Clerk. A new Fictitious Business Name Statement must be filed prior to that date. The filing of this statement does not of itself authorize the use in this state of a Fictitious Business Name in violation of the rights of another under Federal, State, or common law (see section 14411 et seq. Business and Professions Code)Publish: Mountain Views News7/DC
Dates Pub: SEP 02, 09, 16, 23, 2023
FICTITIOUS BUSINESS NAME STATEMENT File No. 2023-189967
The following person(s) is (are) doing business as: GOT GOLDERY REALTY. 11459 GOLDCREST DR, SANTA FE SPRINGS, CA 90670. Full name of registrant(s) is CARLOS E LUGO DE LA ROSA. This business is conducted by: AN INDIVIDUAL. Signed: CARLOS E LUGO DE LA ROSA, OWNER. This statement was filed with the County Clerk of Los Angeles County on 08/29/2023.
State, or common law (see section 14411 et seq. Business and Professions Code)Publish: Mountain Views News7/DC
Dates Pub: SEP 02, 09, 16, 23, 2023
FICTITIOUS BUSINESS NAME STATEMENT File No. 2023-188395
The following person(s) is (are) doing business as: GOOD TIMES LOGISTICS. 11836 CHADRON AVE, PACOIMA, CA 91331. Full name of registrant(s) is JUAN MIGUEL AMEZCUA, 11836 CHADRON AVE, PACOIMA, CA 91331. This business is conducted by: AN INDIVIDUAL. Signed: JUAN MIGUEL AMEZCUA, OWNER. This statement was filed with the County Clerk of Los Angeles County on 08/28/2023. The registrant(s) has (have) commenced to transact business under the fictitious business name or names listed above on N/A. NOTICE- This Fictitious Name Statement expires five years from the date it was filed in the office of the County Clerk. A new Fictitious Business Name Statement must be filed prior to that date. The filing of this statement does not of itself authorize the use in this state of a Fictitious Business Name in violation of the rights of another under Federal, State, or common law (see section 14411 et seq. Business and Professions Code)Publish: Mountain Views News7/DC
Dates Pub: SEP 02, 09, 16, 23, 2023
FICTITIOUS BUSINESS NAME STATEMENT File No. 2023-191202
The following person(s) is (are) doing business as: FLOJ'S HYGIENIC PRACTICE. 10752 CAPISTRANO AVE, LYNWOOD, CA 90262. Full name of registrant(s) is ANA ESTHER FLORES, 10752 CAPISTRANO AVE, LYNWOOD, CA 90262. This business is conducted by: AN INDIVIDUAL. Signed: ANA ESTHER FLORES, OWNER. This statement was filed with the County Clerk of Los Angeles County on 08/29/2023. The registrant(s) has (have) commenced to transact business under the fictitious business name or names listed above on N/A. NOTICE- This Fictitious Name Statement expires five years from the date it was filed in the office of the County Clerk. A new Fictitious Business Name Statement must be filed prior to that date. The filing of this statement does not of itself authorize the use in this state of a Fictitious Business Name in violation of the rights of another under Federal, State, or common law (see section 14411 et seq. Business and Professions Code)Publish: Mountain Views News7/DC
Dates Pub: SEP 02, 09, 16, 23, 2023
FICTITIOUS BUSINESS NAME STATEMENT File No. 2023-185796
The following person(s) is (are) doing business as: JOY'S NO SAINT LOUIS. 4151 LONG BEACH BLVD, LONG BEACH, CA 90807. Full name of registrant(s) is BRANSH ELI WOLFE, 4151 LONG BEACH BLVD, LONG BEACH, CA 90807. This business is conducted by: AN INDIVIDUAL. Signed: BRANSH ELI WOLFE, OWNER. This statement was filed with the County Clerk of Los Angeles County on 08/23/2023. The registrant(s) has (have) commenced to transact business under the fictitious business name or names listed above on N/A. NOTICE- This Fictitious Name Statement expires five years from the date it was filed in the office of the County Clerk. A new Fictitious Business Name Statement must be filed prior to that date. The filing of this statement does not of itself authorize the use in this state of a Fictitious Business Name in violation of the rights of another under Federal, State, or common law (see section 14411 et seq. Business and Professions Code)Publish: Mountain Views News7/DC
Dates Pub: SEP 02, 09, 16, 23, 2023
FICTITIOUS BUSINESS NAME STATEMENT File No. 2023-190910
The following person(s) is (are) doing business as: LA BELLA CONSTRUCTION. 715 E ILLINOIS ST, EL SEGUNDO, CA 90245. Full name of registrant(s) is ANTONIO NAVICHOQUE MUNOZ, 715 E ILLINOIS ST, EL SEGUNDO, CA 90245. This business is conducted by: AN INDIVIDUAL. Signed: ANTONIO NAVICHOQUE MUNOZ, OWNER. This statement was filed with the County Clerk of Los Angeles County on 08/29/2023. The registrant(s) has (have) commenced to transact business under the fictitious business name or names listed above on N/A. NOTICE- This Fictitious Name Statement expires five years from the date it was filed in the office of the County Clerk. A new Fictitious Business Name Statement must be filed prior to that date. The filing of this statement does not of itself authorize the use in this state of a Fictitious Business Name in violation of the rights of another under Federal, State, or common law (see section 14411 et seq. Business and Professions Code)Publish: Mountain Views News7/DC
Dates Pub: SEP 02, 09, 16, 23, 2023
FICTITIOUS BUSINESS NAME STATEMENT File No. 2023-190809
The following person(s) is (are) doing business as: LEO'S SCREW CARNIVAL. 6418 FLORENCE AVE, BELL GARDENS, CA 90201. Full name of registrant(s) is LEONARDO VIZCAINO MURILLO, 10182 SUTTON ST, CERRITOS, CA 90703. This business is conducted by: AN INDIVIDUAL. Signed: LEONARDO VIZCAINO MURILLO, OWNER. This statement was filed with the County Clerk of Los Angeles County on 08/29/2023. The registrant(s) has (have) commenced to transact business under the fictitious business name or names listed above on N/A. NOTICE- This Fictitious Name Statement expires five years from the date it was filed in the office of the County Clerk. A new Fictitious Business Name Statement must be filed prior to that date. The filing of this statement does not of itself authorize the use in this state of a Fictitious Business Name in violation of the rights of another under Federal, State, or common law (see section 14411 et seq. Business and Professions Code)Publish: Mountain Views News7/DC
Dates Pub: SEP 02, 09, 16, 23, 2023
FICTITIOUS BUSINESS NAME STATEMENT File No. 2023-185342
The following person(s) is (are) doing business as: RONY'S AUTO REPAIR. 614 LA SEDA RD, LA PUENTE, CA 91744. Full name of registrant(s) is JOSE GONZALEZ GONZALEZ, 614 LA SEDA RD, LA PUENTE, CA 91744. This business is conducted by: A MARRIED COUPLE. Signed: JOSE GONZALEZ GONZALEZ, HUSBAND. This statement was filed with the County Clerk of Los Angeles County on 08/22/2023. The registrant(s) has (have) commenced to transact business under the fictitious business name or names listed above on N/A. NOTICE- This Fictitious Name Statement expires five years from the date it was filed in the office of the County Clerk. A new Fictitious Business Name Statement must be filed prior to that date. The filing of this statement does not of itself authorize the use in this state of a Fictitious Business Name in violation of the rights of another under Federal, State, or common law (see section 14411 et seq. Business and Professions Code)Publish: Mountain Views News7/DC
Dates Pub: SEP 02, 09, 16, 23, 2023
FICTITIOUS BUSINESS NAME STATEMENT File No. 2023-189623
The following person(s) is (are) doing business as: LUIS GOMEZ TRANSPORTATION. 1217 1ST PL UNIT 2, HUNTINGTON PARK, CA 90255. Full name of registrant(s) is LUIS ORTIZ RUIZ, 1217 1ST PL UNIT 2, HUNTINGTON PARK, CA 90255. This business is conducted by: AN INDIVIDUAL. Signed: LUIS ORTIZ RUIZ, OWNER. This statement was filed with the County Clerk of Los Angeles County on 08/28/2023. The registrant(s) has (have) commenced to transact business under the fictitious business name or names listed above on N/A. NOTICE- This Fictitious Name Statement expires five years from the date it was filed in the office of the County Clerk. A new Fictitious Business Name Statement must be filed prior to that date. The filing of this statement does not of itself authorize the use in this state of a Fictitious Business Name in violation of the rights of another under Federal, State, or common law (see section 14411 et seq. Business and Professions Code)Publish: Mountain Views News7/DC
Dates Pub: SEP 02, 09, 16, 23, 2023
FICTITIOUS BUSINESS NAME STATEMENT File No. 2023-188849
The following person(s) is (are) doing business as: M MARKET. 8625 W FRESENIUM BLVD, LOS ANGELES, CA 90066. Full name of registrant(s) is M MARKET, INC, 8625 W FRESENIUM BLVD, LOS ANGELES, CA 90066. This business is conducted by: A CORPORATION. Signed: MUHAMED ABDELWAHAB, PRESIDENT. This statement was filed with the County Clerk of Los Angeles County on 08/28/2023. The registrant(s) has (have) commenced to transact business under the fictitious business name or names listed above on N/A. NOTICE- This Fictitious Name Statement expires five years from the date it was filed in the office of the County Clerk. A new Fictitious Business Name Statement must be filed prior to that date. The filing of this statement does not of itself authorize the use in this state of a Fictitious Business Name in violation of the rights of another under Federal, State, or common law (see section 14411 et seq. Business and Professions Code)Publish: Mountain Views News7/DC
Dates Pub: SEP 02, 09, 16, 23, 2023
FICTITIOUS BUSINESS NAME STATEMENT File No. 2023-185931
The following person(s) is (are) doing business as: MELIA TRUCKING. 1063 WHITTIER BLVD, WHITTIER, CA 90602. Full name of registrant(s) is MARIELLA DELGADO, 1063 WHITTIER BLVD, WHITTIER, CA 90602. This business is conducted by: A CORPORATION. Signed: MARIELLA DELGADO, PRESIDENT. This statement was filed with the County Clerk of Los Angeles County on 08/23/2023. The registrant(s) has (have) commenced to transact business under the fictitious business name or names listed above on N/A. NOTICE- This Fictitious Name Statement expires five years from the date it was filed in the office of the County Clerk. A new Fictitious Business Name Statement must be filed prior to that date. The filing of this statement does not of itself authorize the use in this state of a Fictitious Business Name in violation of the rights of another under Federal, State, or common law (see section 14411 et seq. Business and Professions Code)Publish: Mountain Views News7/DC
Dates Pub: SEP 02, 09, 16, 23, 2023
FICTITIOUS BUSINESS NAME STATEMENT File No. 2023-189290
The following person(s) is (are) doing business as: SUERTE PAINTING. 2400 ECHANDIA ST, LOS ANGELES, CA 90033. Full name of registrant(s) is MOISES SANCHEZ, 2400 ECHANDIA ST, LOS ANGELES, CA 90033. This business is conducted by: A MARRIED COUPLE. Signed: MOISES SANCHEZ PORTILLO, HUSBAND. This statement was filed with the County Clerk of Los Angeles County on 08/28/2023.
in this state of a Fictitious Business Name in violation of the rights of another under Federal, State, or common law (see section 14411 et seq. Business and Professions Code)Publish: Mountain Views News7/DC
Dates Pub: SEP 02, 09, 16, 23, 2023
FICTITIOUS BUSINESS NAME STATEMENT File No. 2023-179835
The following person(s) is (are) doing business as: ORIGINAL CHILDREN IN NORTH AMERICA SUPPORT BRANCH. 1990 BRONSON AVE 2, LOS ANGELES, CA 90068. Full name of registrant(s) is BRENDOLYN ORTIZ, 1990 BRONSON AVE 2, LOS ANGELES, CA 90068. This business is conducted by: AN INDIVIDUAL. Signed: BRENDOLYN ORTIZ, OWNER. This statement was filed with the County Clerk of Los Angeles County on 08/17/2023. The registrant(s) has (have) commenced to transact business under the fictitious business name or names listed above on N/A. NOTICE- This Fictitious Name Statement expires five years from the date it was filed in the office of the County Clerk. A new Fictitious Business Name Statement must be filed prior to that date. The filing of this statement does not of itself authorize the use in this state of a Fictitious Business Name in violation of the rights of another under Federal, State, or common law (see section 14411 et seq. Business and Professions Code)Publish: Mountain Views News7/DC
Dates Pub: SEP 02, 09, 16, 23, 2023
FICTITIOUS BUSINESS NAME STATEMENT File No. 2023-182053
The following person(s) is (are) doing business as: PARIS BEAUTY SALON. 149 W WILSON AVE, GLENDALE, CA 91203. Full name of registrant(s) is VARDAN ZAKARYAN, 149 W WILSON AVE, GLENDALE, CA 91203. This business is conducted by: AN INDIVIDUAL. Signed: VARDAN ZAKARYAN, OWNER. This statement was filed with the County Clerk of Los Angeles County on 08/21/2023. The registrant(s) has (have) commenced to transact business under the fictitious business name or names listed above on N/A. NOTICE- This Fictitious Name Statement expires five years from the date it was filed in the office of the County Clerk. A new Fictitious Business Name Statement must be filed prior to that date. The filing of this statement does not of itself authorize the use in this state of a Fictitious Business Name in violation of the rights of another under Federal, State, or common law (see section 14411 et seq. Business and Professions Code)Publish: Mountain Views News7/DC
Dates Pub: SEP 02, 09, 16, 23, 2023
FICTITIOUS BUSINESS NAME STATEMENT File No. 2023-188527
The following person(s) is (are) doing business as: PASSPORT DSN. 10435 WHITTIER BLVD, WHITTIER, CA 90601. Full name of registrant(s) is PRAKASH PATEL. This business is conducted by: A LIMITED LIABILITY COMPANY. Signed: PRAKASH PATEL, MANAGING MEMBER. This statement was filed with the County Clerk of Los Angeles County on 08/28/2023. The registrant(s) has (have) commenced to transact business under the fictitious business name or names listed above on N/A. NOTICE- This Fictitious Name Statement expires five years from the date it was filed in the office of the County Clerk. A new Fictitious Business Name Statement must be filed prior to that date. The filing of this statement does not of itself authorize the use in this state of a Fictitious Business Name in violation of the rights of another under Federal, State, or common law (see section 14411 et seq. Business and Professions Code)Publish: Mountain Views News7/DC
Dates Pub: SEP 02, 09, 16, 23, 2023
FICTITIOUS BUSINESS NAME STATEMENT File No. 2023-189733
The following person(s) is (are) doing business as: RAISES HISPANAS. 9901 PARAMOUNT BLVD SUITE 214, DOWNEY, CA 90240. Full name of registrant(s) is CARLOS AUGUSTO NAJERA FUENTES, 9901 PARAMOUNT BLVD SUITE 214, DOWNEY, CA 90240. This business is conducted by: AN INDIVIDUAL. Signed: CARLOS AUGUSTO NAJERA FUENTES, OWNER. This statement was filed with the County Clerk of Los Angeles County on 08/28/2023. The registrant(s) has (have) commenced to transact business under the fictitious business name or names listed above on N/A. NOTICE- This Fictitious Name Statement expires five years from the date it was filed in the office of the County Clerk. A new Fictitious Business Name Statement must be filed prior to that date. The filing of this statement does not of itself authorize the use in this state of a Fictitious Business Name in violation of the rights of another under Federal, State, or common law (see section 14411 et seq. Business and Professions Code)Publish: Mountain Views News7/DC
Dates Pub: SEP 02, 09, 16, 23, 2023
FICTITIOUS BUSINESS NAME STATEMENT File No. 2023-188656
The following person(s) is (are) doing business as: SAN CITRESTS. 889 FRANCISCO ST UNIT 2303, LOS ANGELES, CA 90017. Full name of registrant(s) is YUN SIL OH, 889 FRANCISCO ST UNIT 2303, LOS ANGELES, CA 90017. This business is conducted by: AN INDIVIDUAL. Signed: YUN SIL OH, OWNER. This statement was filed with the County Clerk of Los Angeles County on 08/28/2023. The registrant(s) has (have) commenced to transact business under the fictitious business name or names listed above on N/A. NOTICE- This Fictitious Name Statement expires five years from the date it was filed in the office of the County Clerk. A new Fictitious Business Name Statement must be filed prior to that date. The filing of this statement does not of itself authorize the use in this state of a Fictitious Business Name in violation of the rights of another under Federal, State, or common law (see section 14411 et seq. Business and Professions Code)Publish: Mountain Views News7/DC
Dates Pub: SEP 02, 09, 16, 23, 2023
FICTITIOUS BUSINESS NAME STATEMENT File No. 2023-173293
The following person(s) is (are) doing business as: SPEED TIRES. 3204 E CESSNA AVE, LOS ANGELES, CA 90063. Full name of registrant(s) is MARIA LAURA PERALTA, 3204 E CESSNA AVE, LOS ANGELES, CA 90063. This business is conducted by: AN INDIVIDUAL. Signed: MARIA LAURA PERALTA, OWNER. This statement was filed with the County Clerk of Los Angeles County on 08/09/2023. The registrant(s) has (have) commenced to transact business under the fictitious business name or names listed above on N/A. NOTICE- This Fictitious Name Statement expires five years from the date it was filed in the office of the County Clerk. A new Fictitious Business Name Statement must be filed prior to that date. The filing of this statement does not of itself authorize the use in this state of a Fictitious Business Name in violation of the rights of another under Federal, State, or common law (see section 14411 et seq. Business and Professions Code)Publish: Mountain Views News7/DC
Dates Pub: SEP 02, 09, 16, 23, 2023
FICTITIOUS BUSINESS NAME STATEMENT File No. 2023-177675
The following person(s) is (are) doing business as: STRIVE INVESTMENTS 2347 AMAR ROUTE IX WALNUT, CA 91789. Full name of registrant(s) is STRIVE INVESTMENTS LLC. This business is conducted by: A LIMITED LIABILITY COMPANY. Signed: SARA IRENE PALACIOS, MANAGING MEMBER. This statement was filed with the County Clerk of Los Angeles County on 08/15/2023. The registrant(s) has (have) commenced to transact business under the fictitious business name or names listed above on N/A. NOTICE- This Fictitious Name Statement expires five years from the date it was filed in the office of the County Clerk. A new Fictitious Business Name Statement must be filed prior to that date. The filing of this statement does not of itself authorize the use in this state of a Fictitious Business Name in violation of the rights of another under Federal, State, or common law (see section 14411 et seq. Business and Professions Code)Publish: Mountain Views News7/DC
Dates Pub: SEP 02, 09, 16, 23, 2023
FICTITIOUS BUSINESS NAME STATEMENT File No. 2023-187388
The following person(s) is (are) doing business as: T - SHIRTS IN TRANSIT. 11907 BELLFLOWER BLVD UNIT 27, BELLFLOWER, CA 90706. Full name of registrant(s) is T SHIRTS IN TRANSIT LLC. This business is conducted by: A LIMITED LIABILITY COMPANY. Signed: ANDREA DOMINGUEZ, MANAGING MEMBER. This statement was filed with the County Clerk of Los Angeles County on 08/25/2023. The registrant(s) has (have) commenced to transact business under the fictitious business name or names listed above on N/A. NOTICE- This Fictitious Name Statement expires five years from the date it was filed in the office of the County Clerk. A new Fictitious Business Name Statement must be filed prior to that date. The filing of this statement does not of itself authorize the use in this state of a Fictitious Business Name in violation of the rights of another under Federal, State, or common law (see section 14411 et seq. Business and Professions Code)Publish: Mountain Views News7/DC
Dates Pub: SEP 02, 09, 16, 23, 2023
FICTITIOUS BUSINESS NAME STATEMENT File No. 2023-184987
The following person(s) is (are) doing business as: TELESFORO DOMINGUEZ-MARTINEZ. 15519 PARTHENIA ST APT 20, NORTH HILLS, CA 91343. This business is conducted by: AN INDIVIDUAL. Signed: TELESFORO DOMINGUEZ-MARTINEZ, OWNER. This statement was filed with the County Clerk of Los Angeles County on 08/22/2023. The registrant(s) has (have) commenced to transact business under the fictitious business name or names listed above on N/A. NOTICE- This Fictitious Name Statement expires five years from the date it was filed in the office of the County Clerk. A new Fictitious Business Name Statement must be filed prior to that date. The filing of this statement does not of itself authorize the use in this state of a Fictitious Business Name in violation of the rights of another under Federal, State, or common law (see section 14411 et seq. Business and Professions Code)Publish: Mountain Views News7/DC
Dates Pub: SEP 02, 09, 16, 23, 2023
FICTITIOUS BUSINESS NAME STATEMENT File No. 2023-172094
The following person(s) is (are) doing business as: THE RIVERA. 8056 GALLATIN RD, PICO RIVERA, CA 90660. Full name of registrant(s) is JACQUELINE ARRIOLA DOSQUEZ, 8056 GALLATIN RD, PICO RIVERA, CA 90660. This business is conducted by: A GENERAL PARTNERSHIP. Signed: JACQUELINE ARRIOLA DOSQUEZ, PARTNER. This statement was filed with the County Clerk of Los Angeles County on 08/08/2023.
Dates Pub: SEP 02, 09, 16, 23, 2023
FICTITIOUS BUSINESS NAME STATEMENT File No. 2023-179860
The following person(s) is (are) doing business as: THE ALPHEN CREW. 3702 ALVARADO ST, POMONA, CA 91767. Full name of registrant(s) is RUBEN JIMENEZ, OWNER.
Mountain Views News 80 W Sierra Madre Blvd. No. 327 Sierra Madre, Ca. 91024 Office: 626.355.2737 Fax: 626.609.3285 Email: editor@mtnviewsnews.com Website: www.mtnviewsnews.com
